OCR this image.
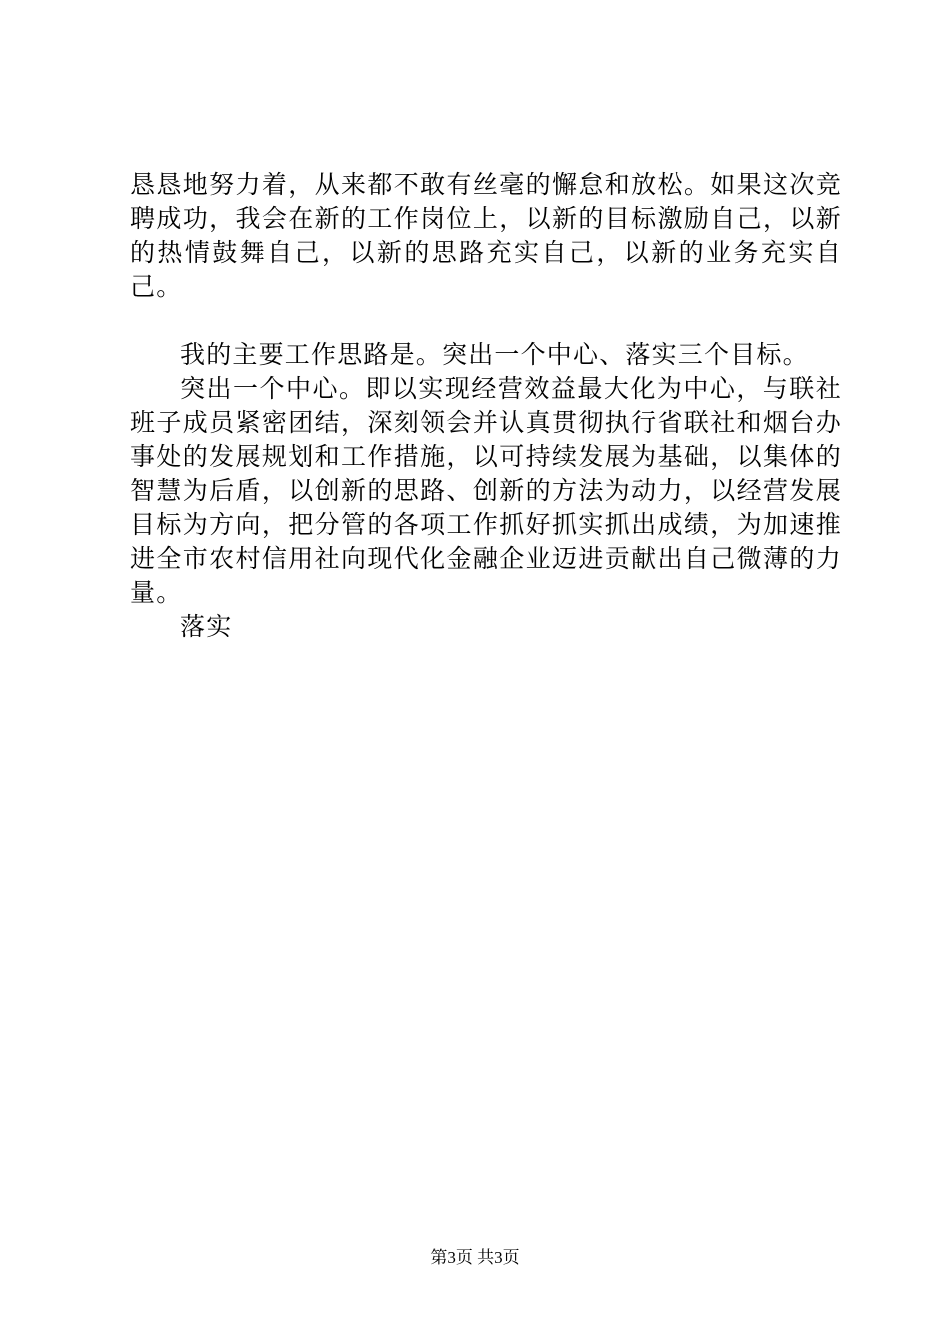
恳恳地努力着，从来都不敢有丝毫的懈怠和放松。如果这次竞聘成功，我会在新的工作岗位上，以新的目标激励自己，以新的热情鼓舞自己，以新的思路充实自己，以新的业务充实自己。

我的主要工作思路是。突出一个中心、落实三个目标。

突出一个中心。即以实现经营效益最大化为中心，与联社班子成员紧密团结，深刻领会并认真贯彻执行省联社和烟台办事处的发展规划和工作措施，以可持续发展为基础，以集体的智慧为后盾，以创新的思路、创新的方法为动力，以经营发展目标为方向，把分管的各项工作抓好抓实抓出成绩，为加速推进全市农村信用社向现代化金融企业迈进贡献出自己微薄的力量。

落实

第3页 共3页
